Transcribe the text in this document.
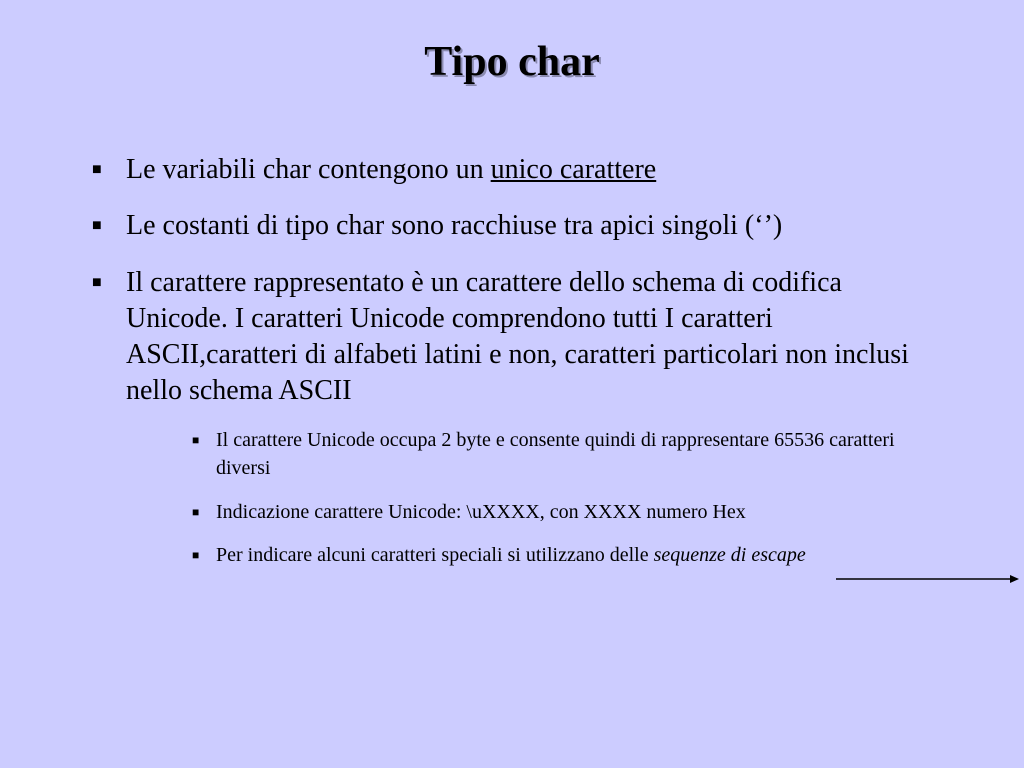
Tipo char
■ Le variabili char contengono un unico carattere
■ Le costanti di tipo char sono racchiuse tra apici singoli (‘’)
■ Il carattere rappresentato è un carattere dello schema di codifica Unicode. I caratteri Unicode comprendono tutti I caratteri ASCII,caratteri di alfabeti latini e non, caratteri particolari non inclusi nello schema ASCII
■ Il carattere Unicode occupa 2 byte e consente quindi di rappresentare 65536 caratteri diversi
■ Indicazione carattere Unicode: \uXXXX, con XXXX numero Hex
■ Per indicare alcuni caratteri speciali si utilizzano delle sequenze di escape
